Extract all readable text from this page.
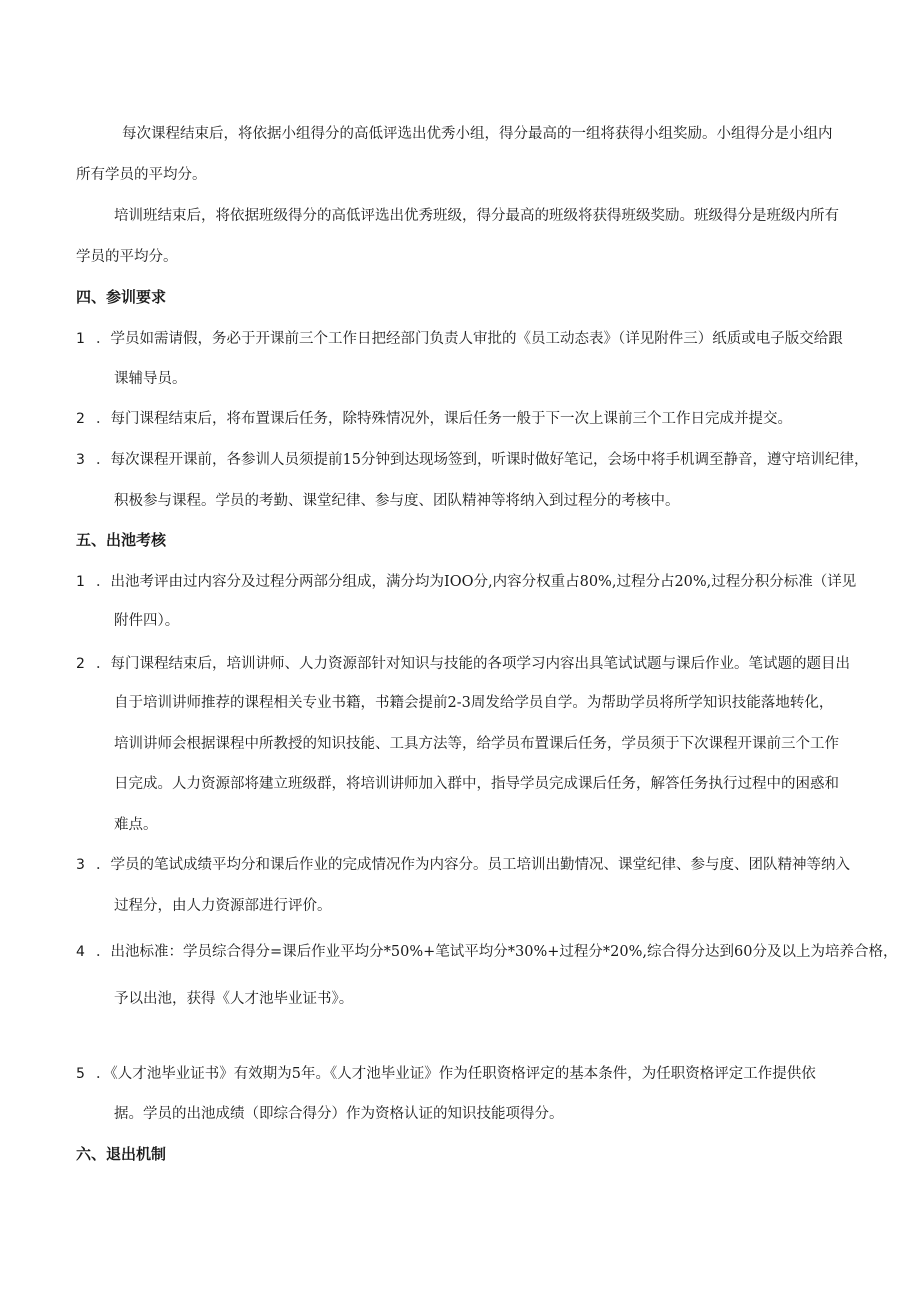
每次课程结束后，将依据小组得分的高低评选出优秀小组，得分最高的一组将获得小组奖励。小组得分是小组内
所有学员的平均分。
培训班结束后，将依据班级得分的高低评选出优秀班级，得分最高的班级将获得班级奖励。班级得分是班级内所有
学员的平均分。
四、参训要求
1 ．学员如需请假，务必于开课前三个工作日把经部门负责人审批的《员工动态表》（详见附件三）纸质或电子版交给跟
课辅导员。
2 ．每门课程结束后，将布置课后任务，除特殊情况外，课后任务一般于下一次上课前三个工作日完成并提交。
3 ．每次课程开课前，各参训人员须提前15分钟到达现场签到，听课时做好笔记，会场中将手机调至静音，遵守培训纪律，
积极参与课程。学员的考勤、课堂纪律、参与度、团队精神等将纳入到过程分的考核中。
五、出池考核
1 ．出池考评由过内容分及过程分两部分组成，满分均为IOO分,内容分权重占80%,过程分占20%,过程分积分标准（详见
附件四）。
2 ．每门课程结束后，培训讲师、人力资源部针对知识与技能的各项学习内容出具笔试试题与课后作业。笔试题的题目出
自于培训讲师推荐的课程相关专业书籍，书籍会提前2-3周发给学员自学。为帮助学员将所学知识技能落地转化，
培训讲师会根据课程中所教授的知识技能、工具方法等，给学员布置课后任务，学员须于下次课程开课前三个工作
日完成。人力资源部将建立班级群，将培训讲师加入群中，指导学员完成课后任务，解答任务执行过程中的困惑和
难点。
3 ．学员的笔试成绩平均分和课后作业的完成情况作为内容分。员工培训出勤情况、课堂纪律、参与度、团队精神等纳入
过程分，由人力资源部进行评价。
4 ．出池标准：学员综合得分=课后作业平均分*50%+笔试平均分*30%+过程分*20%,综合得分达到60分及以上为培养合格，
予以出池，获得《人才池毕业证书》。
5 ．《人才池毕业证书》有效期为5年。《人才池毕业证》作为任职资格评定的基本条件，为任职资格评定工作提供依
据。学员的出池成绩（即综合得分）作为资格认证的知识技能项得分。
六、退出机制
